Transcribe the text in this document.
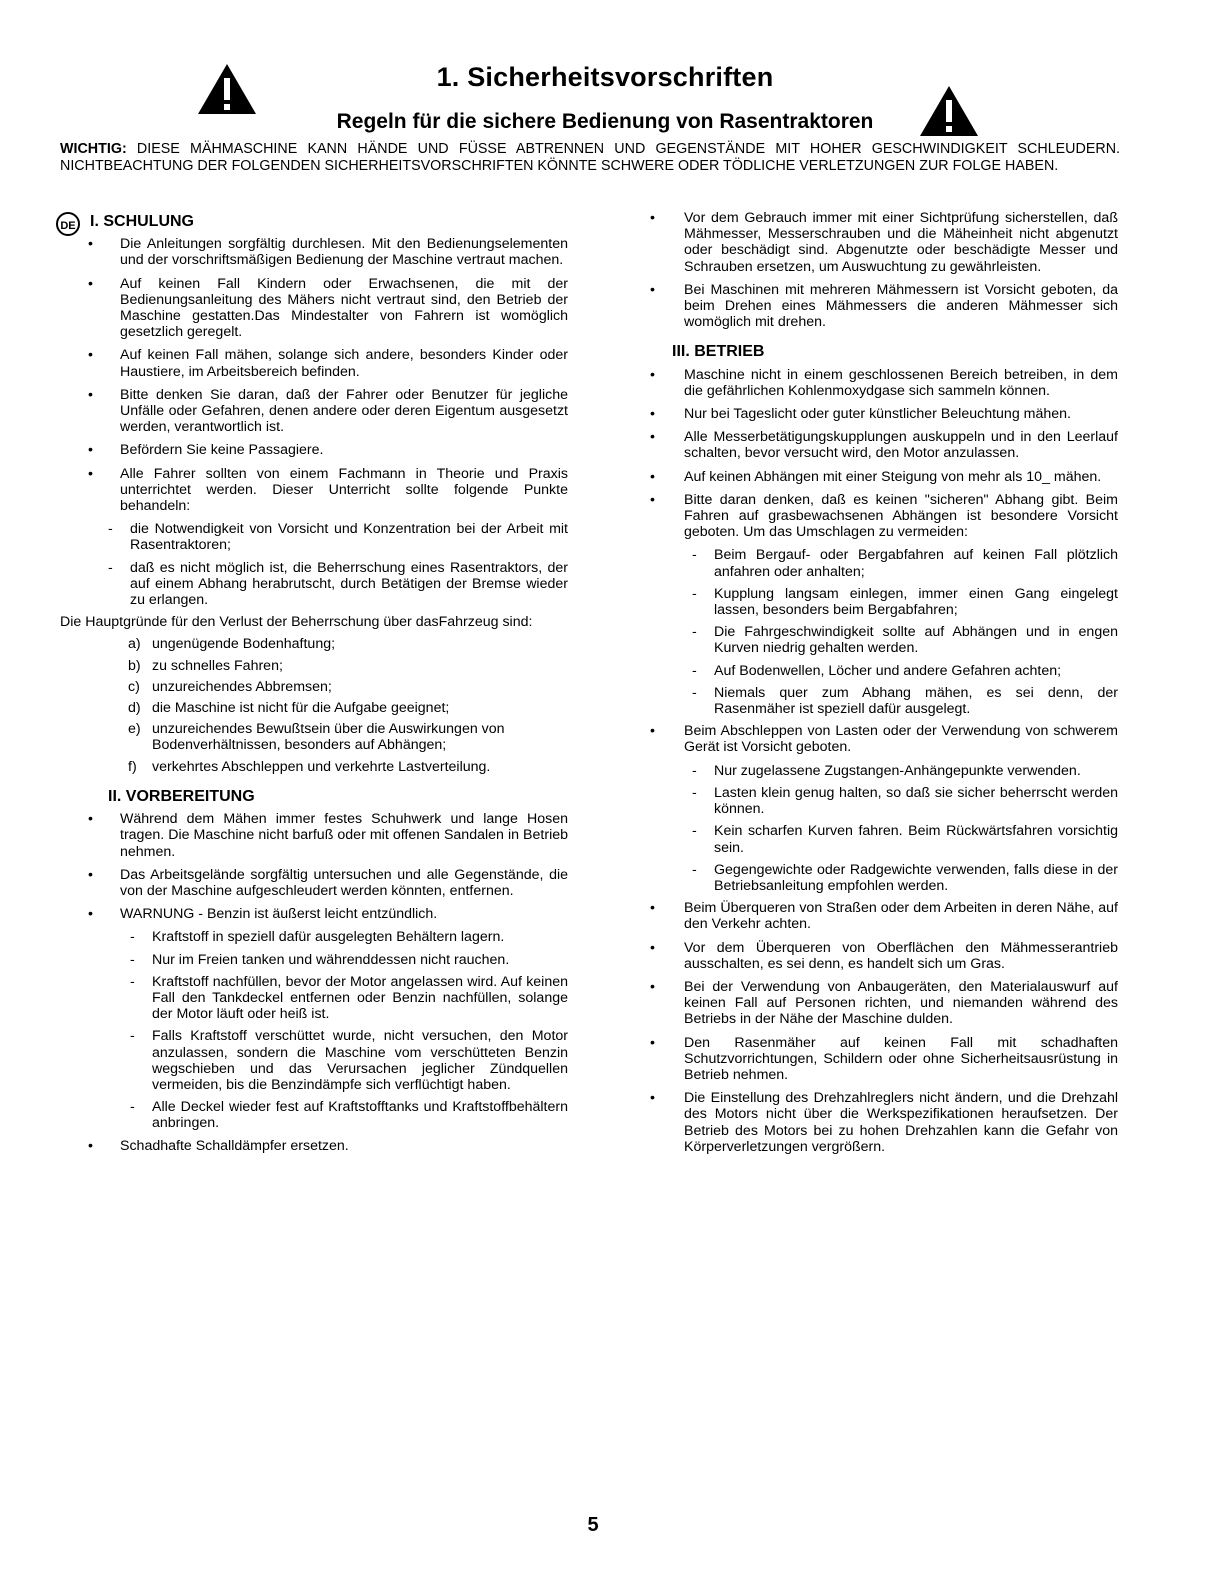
1. Sicherheitsvorschriften
Regeln für die sichere Bedienung von Rasentraktoren
WICHTIG: DIESE MÄHMASCHINE KANN HÄNDE UND FÜSSE ABTRENNEN UND GEGENSTÄNDE MIT HOHER GESCHWINDIGKEIT SCHLEUDERN. NICHTBEACHTUNG DER FOLGENDEN SICHERHEITSVORSCHRIFTEN KÖNNTE SCHWERE ODER TÖDLICHE VERLETZUNGEN ZUR FOLGE HABEN.
DE I. SCHULUNG
• Die Anleitungen sorgfältig durchlesen. Mit den Bedienungselementen und der vorschriftsmäßigen Bedienung der Maschine vertraut machen.
• Auf keinen Fall Kindern oder Erwachsenen, die mit der Bedienungsanleitung des Mähers nicht vertraut sind, den Betrieb der Maschine gestatten.Das Mindestalter von Fahrern ist womöglich gesetzlich geregelt.
• Auf keinen Fall mähen, solange sich andere, besonders Kinder oder Haustiere, im Arbeitsbereich befinden.
• Bitte denken Sie daran, daß der Fahrer oder Benutzer für jegliche Unfälle oder Gefahren, denen andere oder deren Eigentum ausgesetzt werden, verantwortlich ist.
• Befördern Sie keine Passagiere.
• Alle Fahrer sollten von einem Fachmann in Theorie und Praxis unterrichtet werden. Dieser Unterricht sollte folgende Punkte behandeln:
- die Notwendigkeit von Vorsicht und Konzentration bei der Arbeit mit Rasentraktoren;
- daß es nicht möglich ist, die Beherrschung eines Rasentraktors, der auf einem Abhang herabrutscht, durch Betätigen der Bremse wieder zu erlangen.

Die Hauptgründe für den Verlust der Beherrschung über dasFahrzeug sind:

a) ungenügende Bodenhaftung;
b) zu schnelles Fahren;
c) unzureichendes Abbremsen;
d) die Maschine ist nicht für die Aufgabe geeignet;
e) unzureichendes Bewußtsein über die Auswirkungen von Bodenverhältnissen, besonders auf Abhängen;
f) verkehrtes Abschleppen und verkehrte Lastverteilung.
II. VORBEREITUNG
• Während dem Mähen immer festes Schuhwerk und lange Hosen tragen. Die Maschine nicht barfuß oder mit offenen Sandalen in Betrieb nehmen.
• Das Arbeitsgelände sorgfältig untersuchen und alle Gegenstände, die von der Maschine aufgeschleudert werden könnten, entfernen.
• WARNUNG - Benzin ist äußerst leicht entzündlich.
- Kraftstoff in speziell dafür ausgelegten Behältern lagern.
- Nur im Freien tanken und währenddessen nicht rauchen.
- Kraftstoff nachfüllen, bevor der Motor angelassen wird. Auf keinen Fall den Tankdeckel entfernen oder Benzin nachfüllen, solange der Motor läuft oder heiß ist.
- Falls Kraftstoff verschüttet wurde, nicht versuchen, den Motor anzulassen, sondern die Maschine vom verschütteten Benzin wegschieben und das Verursachen jeglicher Zündquellen vermeiden, bis die Benzindämpfe sich verflüchtigt haben.
- Alle Deckel wieder fest auf Kraftstofftanks und Kraftstoffbehältern anbringen.
• Schadhafte Schalldämpfer ersetzen.
• Vor dem Gebrauch immer mit einer Sichtprüfung sicherstellen, daß Mähmesser, Messerschrauben und die Mäheinheit nicht abgenutzt oder beschädigt sind. Abgenutzte oder beschädigte Messer und Schrauben ersetzen, um Auswuchtung zu gewährleisten.
• Bei Maschinen mit mehreren Mähmessern ist Vorsicht geboten, da beim Drehen eines Mähmessers die anderen Mähmesser sich womöglich mit drehen.
III. BETRIEB
• Maschine nicht in einem geschlossenen Bereich betreiben, in dem die gefährlichen Kohlenmoxydgase sich sammeln können.
• Nur bei Tageslicht oder guter künstlicher Beleuchtung mähen.
• Alle Messerbetätigungskupplungen auskuppeln und in den Leerlauf schalten, bevor versucht wird, den Motor anzulassen.
• Auf keinen Abhängen mit einer Steigung von mehr als 10_ mähen.
• Bitte daran denken, daß es keinen "sicheren" Abhang gibt. Beim Fahren auf grasbewachsenen Abhängen ist besondere Vorsicht geboten. Um das Umschlagen zu vermeiden:
- Beim Bergauf- oder Bergabfahren auf keinen Fall plötzlich anfahren oder anhalten;
- Kupplung langsam einlegen, immer einen Gang eingelegt lassen, besonders beim Bergabfahren;
- Die Fahrgeschwindigkeit sollte auf Abhängen und in engen Kurven niedrig gehalten werden.
- Auf Bodenwellen, Löcher und andere Gefahren achten;
- Niemals quer zum Abhang mähen, es sei denn, der Rasenmäher ist speziell dafür ausgelegt.
• Beim Abschleppen von Lasten oder der Verwendung von schwerem Gerät ist Vorsicht geboten.
- Nur zugelassene Zugstangen-Anhängepunkte verwenden.
- Lasten klein genug halten, so daß sie sicher beherrscht werden können.
- Kein scharfen Kurven fahren. Beim Rückwärtsfahren vorsichtig sein.
- Gegengewichte oder Radgewichte verwenden, falls diese in der Betriebsanleitung empfohlen werden.
• Beim Überqueren von Straßen oder dem Arbeiten in deren Nähe, auf den Verkehr achten.
• Vor dem Überqueren von Oberflächen den Mähmesserantrieb ausschalten, es sei denn, es handelt sich um Gras.
• Bei der Verwendung von Anbaugeräten, den Materialauswurf auf keinen Fall auf Personen richten, und niemanden während des Betriebs in der Nähe der Maschine dulden.
• Den Rasenmäher auf keinen Fall mit schadhaften Schutzvorrichtungen, Schildern oder ohne Sicherheitsausrüstung in Betrieb nehmen.
• Die Einstellung des Drehzahlreglers nicht ändern, und die Drehzahl des Motors nicht über die Werkspezifikationen heraufsetzen. Der Betrieb des Motors bei zu hohen Drehzahlen kann die Gefahr von Körperverletzungen vergrößern.
5
